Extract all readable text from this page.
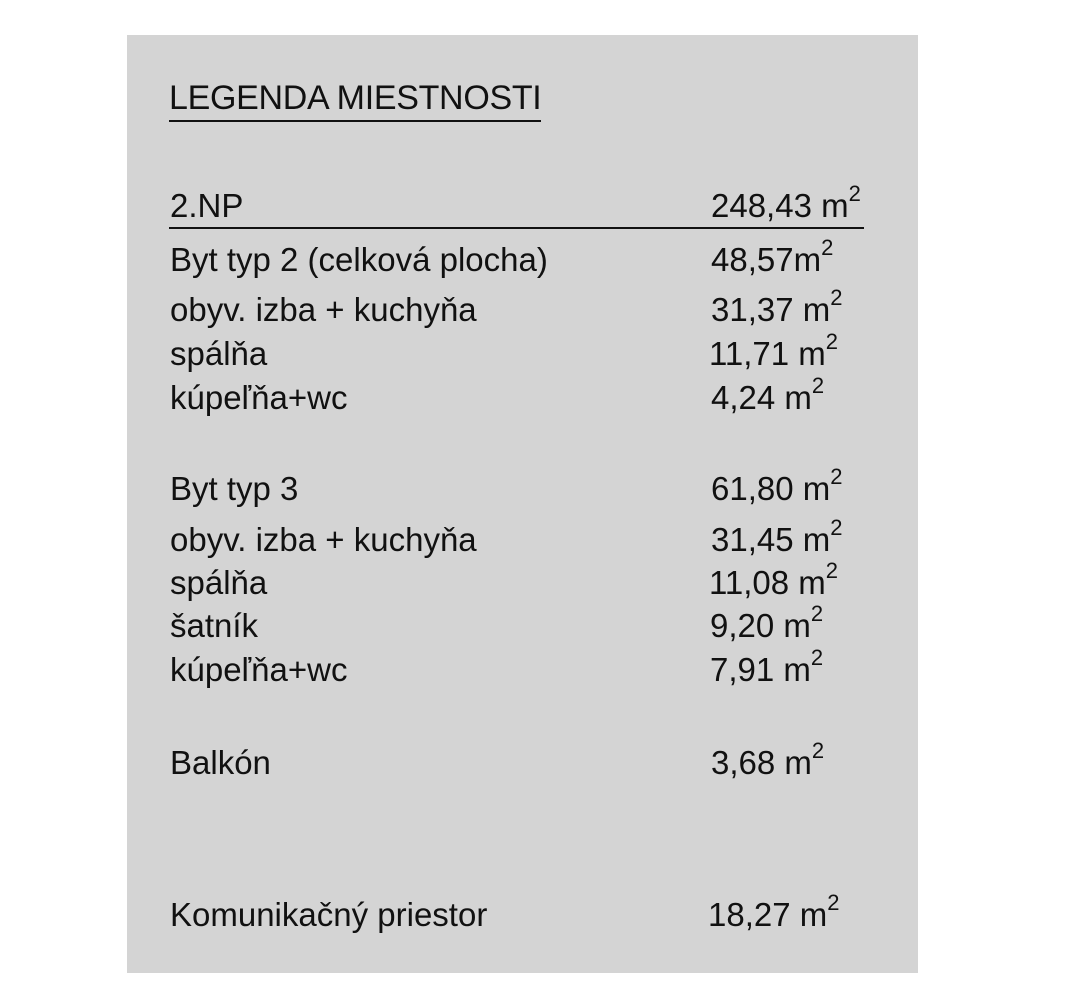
LEGENDA MIESTNOSTI
2.NP	248,43 $m^2$
Byt typ 2 (celková plocha)	$48,57m^2$
obyv. izba + kuchyňa	31,37 $m^2$
spálňa	11,71 $m^2$
kúpeľňa+wc	4,24 $m^2$
Byt typ 3	61,80 $m^2$
obyv. izba + kuchyňa	31,45 $m^2$
spálňa	11,08 $m^2$
šatník	9,20 $m^2$
kúpeľňa+wc	7,91 $m^2$
Balkón	3,68 $m^2$
Komunikačný priestor	18,27 $m^2$
